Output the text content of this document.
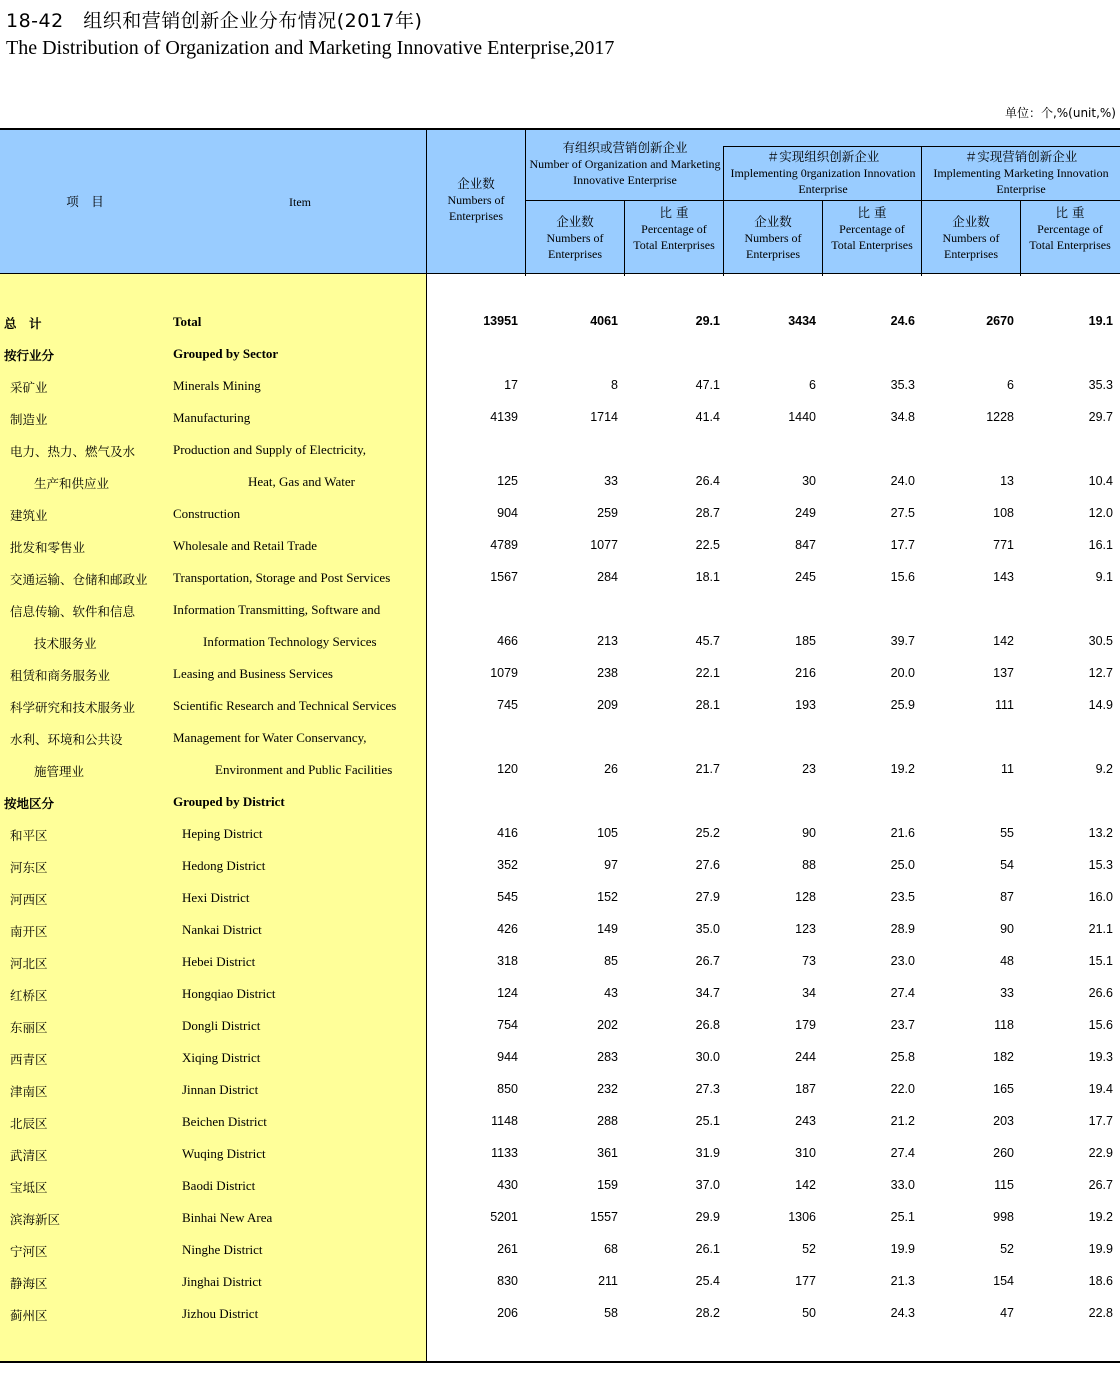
18-42　组织和营销创新企业分布情况(2017年)
The Distribution of Organization and Marketing Innovative Enterprise,2017
单位：个,%(unit,%)
项　目	Item
企业数
Numbers of Enterprises
有组织或营销创新企业
Number of Organization and Marketing Innovative Enterprise
＃实现组织创新企业
Implementing 0rganization Innovation Enterprise
＃实现营销创新企业
Implementing Marketing Innovation Enterprise
企业数
Numbers of Enterprises
比 重
Percentage of Total Enterprises
企业数
Numbers of Enterprises
比 重
Percentage of Total Enterprises
企业数
Numbers of Enterprises
比 重
Percentage of Total Enterprises
总　计	Total	13951	4061	29.1	3434	24.6	2670	19.1
按行业分	Grouped by Sector
采矿业	Minerals Mining	17	8	47.1	6	35.3	6	35.3
制造业	Manufacturing	4139	1714	41.4	1440	34.8	1228	29.7
电力、热力、燃气及水	Production and Supply of Electricity,
生产和供应业	Heat, Gas and Water	125	33	26.4	30	24.0	13	10.4
建筑业	Construction	904	259	28.7	249	27.5	108	12.0
批发和零售业	Wholesale and Retail Trade	4789	1077	22.5	847	17.7	771	16.1
交通运输、仓储和邮政业 Transportation, Storage and Post Services	1567	284	18.1	245	15.6	143	9.1
信息传输、软件和信息	Information Transmitting, Software and
技术服务业	Information Technology Services	466	213	45.7	185	39.7	142	30.5
租赁和商务服务业	Leasing and Business Services	1079	238	22.1	216	20.0	137	12.7
科学研究和技术服务业	Scientific Research and Technical Services	745	209	28.1	193	25.9	111	14.9
水利、环境和公共设	Management for Water Conservancy,
施管理业	Environment and Public Facilities	120	26	21.7	23	19.2	11	9.2
按地区分	Grouped by District
和平区	Heping District	416	105	25.2	90	21.6	55	13.2
河东区	Hedong District	352	97	27.6	88	25.0	54	15.3
河西区	Hexi District	545	152	27.9	128	23.5	87	16.0
南开区	Nankai District	426	149	35.0	123	28.9	90	21.1
河北区	Hebei District	318	85	26.7	73	23.0	48	15.1
红桥区	Hongqiao District	124	43	34.7	34	27.4	33	26.6
东丽区	Dongli District	754	202	26.8	179	23.7	118	15.6
西青区	Xiqing District	944	283	30.0	244	25.8	182	19.3
津南区	Jinnan District	850	232	27.3	187	22.0	165	19.4
北辰区	Beichen District	1148	288	25.1	243	21.2	203	17.7
武清区	Wuqing District	1133	361	31.9	310	27.4	260	22.9
宝坻区	Baodi District	430	159	37.0	142	33.0	115	26.7
滨海新区	Binhai New Area	5201	1557	29.9	1306	25.1	998	19.2
宁河区	Ninghe District	261	68	26.1	52	19.9	52	19.9
静海区	Jinghai District	830	211	25.4	177	21.3	154	18.6
蓟州区	Jizhou District	206	58	28.2	50	24.3	47	22.8
